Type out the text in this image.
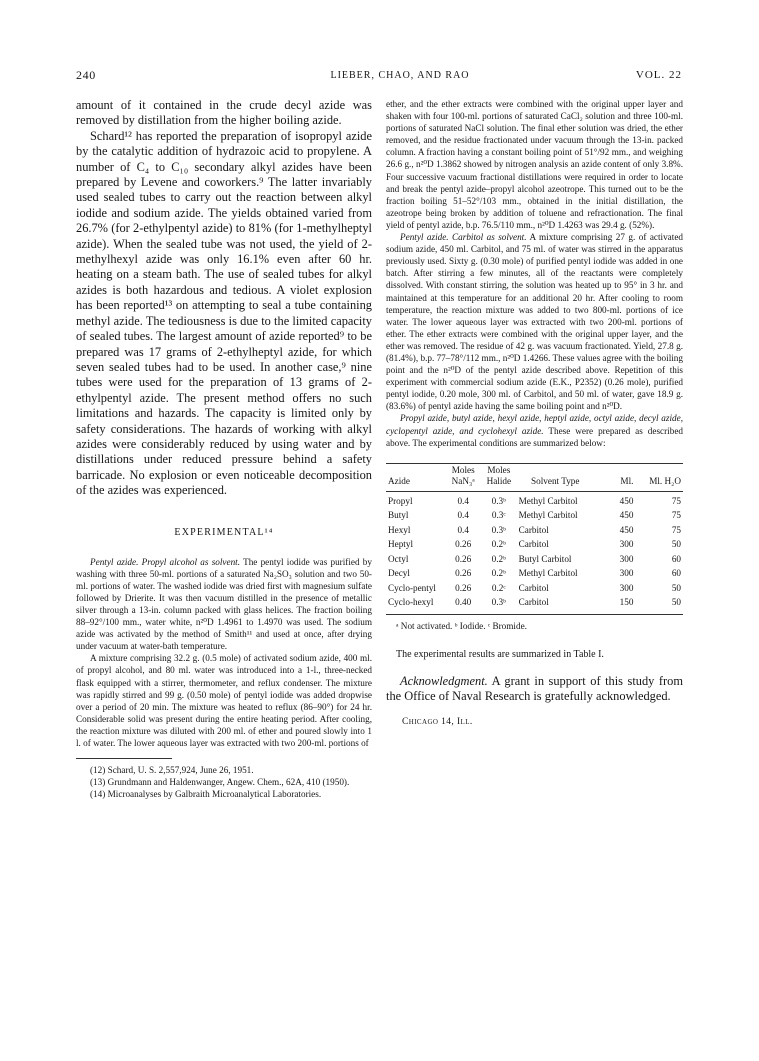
240	LIEBER, CHAO, AND RAO	VOL. 22

amount of it contained in the crude decyl azide was removed by distillation from the higher boiling azide.

Schard¹² has reported the preparation of isopropyl azide by the catalytic addition of hydrazoic acid to propylene. A number of C₄ to C₁₀ secondary alkyl azides have been prepared by Levene and coworkers.⁹ The latter invariably used sealed tubes to carry out the reaction between alkyl iodide and sodium azide. The yields obtained varied from 26.7% (for 2-ethylpentyl azide) to 81% (for 1-methylheptyl azide). When the sealed tube was not used, the yield of 2-methylhexyl azide was only 16.1% even after 60 hr. heating on a steam bath. The use of sealed tubes for alkyl azides is both hazardous and tedious. A violet explosion has been reported¹³ on attempting to seal a tube containing methyl azide. The tediousness is due to the limited capacity of sealed tubes. The largest amount of azide reported⁹ to be prepared was 17 grams of 2-ethylheptyl azide, for which seven sealed tubes had to be used. In another case,⁹ nine tubes were used for the preparation of 13 grams of 2-ethylpentyl azide. The present method offers no such limitations and hazards. The capacity is limited only by safety considerations. The hazards of working with alkyl azides were considerably reduced by using water and by distillations under reduced pressure behind a safety barricade. No explosion or even noticeable decomposition of the azides was experienced.

EXPERIMENTAL¹⁴

Pentyl azide. Propyl alcohol as solvent. The pentyl iodide was purified by washing with three 50-ml. portions of a saturated Na₂SO₃ solution and two 50-ml. portions of water. The washed iodide was dried first with magnesium sulfate followed by Drierite. It was then vacuum distilled in the presence of metallic silver through a 13-in. column packed with glass helices. The fraction boiling 88–92°/100 mm., water white, n²⁰D 1.4961 to 1.4970 was used. The sodium azide was activated by the method of Smith¹¹ and used at once, after drying under vacuum at water-bath temperature.

A mixture comprising 32.2 g. (0.5 mole) of activated sodium azide, 400 ml. of propyl alcohol, and 80 ml. water was introduced into a 1-l., three-necked flask equipped with a stirrer, thermometer, and reflux condenser. The mixture was rapidly stirred and 99 g. (0.50 mole) of pentyl iodide was added dropwise over a period of 20 min. The mixture was heated to reflux (86–90°) for 24 hr. Considerable solid was present during the entire heating period. After cooling, the reaction mixture was diluted with 200 ml. of ether and poured slowly into 1 l. of water. The lower aqueous layer was extracted with two 200-ml. portions of

(12) Schard, U. S. 2,557,924, June 26, 1951.

(13) Grundmann and Haldenwanger, Angew. Chem., 62A, 410 (1950).

(14) Microanalyses by Galbraith Microanalytical Laboratories.

ether, and the ether extracts were combined with the original upper layer and shaken with four 100-ml. portions of saturated CaCl₂ solution and three 100-ml. portions of saturated NaCl solution. The final ether solution was dried, the ether removed, and the residue fractionated under vacuum through the 13-in. packed column. A fraction having a constant boiling point of 51°/92 mm., and weighing 26.6 g., n²⁰D 1.3862 showed by nitrogen analysis an azide content of only 3.8%. Four successive vacuum fractional distillations were required in order to locate and break the pentyl azide–propyl alcohol azeotrope. This turned out to be the fraction boiling 51–52°/103 mm., obtained in the initial distillation, the azeotrope being broken by addition of toluene and refractionation. The final yield of pentyl azide, b.p. 76.5/110 mm., n²⁰D 1.4263 was 29.4 g. (52%).

Pentyl azide. Carbitol as solvent. A mixture comprising 27 g. of activated sodium azide, 450 ml. Carbitol, and 75 ml. of water was stirred in the apparatus previously used. Sixty g. (0.30 mole) of purified pentyl iodide was added in one batch. After stirring a few minutes, all of the reactants were completely dissolved. With constant stirring, the solution was heated up to 95° in 3 hr. and maintained at this temperature for an additional 20 hr. After cooling to room temperature, the reaction mixture was added to two 800-ml. portions of ice water. The lower aqueous layer was extracted with two 200-ml. portions of ether. The ether extracts were combined with the original upper layer, and the ether was removed. The residue of 42 g. was vacuum fractionated. Yield, 27.8 g. (81.4%), b.p. 77–78°/112 mm., n²⁰D 1.4266. These values agree with the boiling point and the n²⁰D of the pentyl azide described above. Repetition of this experiment with commercial sodium azide (E.K., P2352) (0.26 mole), purified pentyl iodide, 0.20 mole, 300 ml. of Carbitol, and 50 ml. of water, gave 18.9 g. (83.6%) of pentyl azide having the same boiling point and n²⁰D.

Propyl azide, butyl azide, hexyl azide, heptyl azide, octyl azide, decyl azide, cyclopentyl azide, and cyclohexyl azide. These were prepared as described above. The experimental conditions are summarized below:

Azide	Moles NaN₃ᵃ	Moles Halide	Solvent Type	Ml.	Ml. H₂O
Propyl	0.4	0.3ᵇ	Methyl Carbitol	450	75
Butyl	0.4	0.3ᶜ	Methyl Carbitol	450	75
Hexyl	0.4	0.3ᵇ	Carbitol	450	75
Heptyl	0.26	0.2ᵇ	Carbitol	300	50
Octyl	0.26	0.2ᵇ	Butyl Carbitol	300	60
Decyl	0.26	0.2ᵇ	Methyl Carbitol	300	60
Cyclo-pentyl	0.26	0.2ᶜ	Carbitol	300	50
Cyclo-hexyl	0.40	0.3ᵇ	Carbitol	150	50

ᵃ Not activated. ᵇ Iodide. ᶜ Bromide.

The experimental results are summarized in Table I.

Acknowledgment. A grant in support of this study from the Office of Naval Research is gratefully acknowledged.

Chicago 14, Ill.
